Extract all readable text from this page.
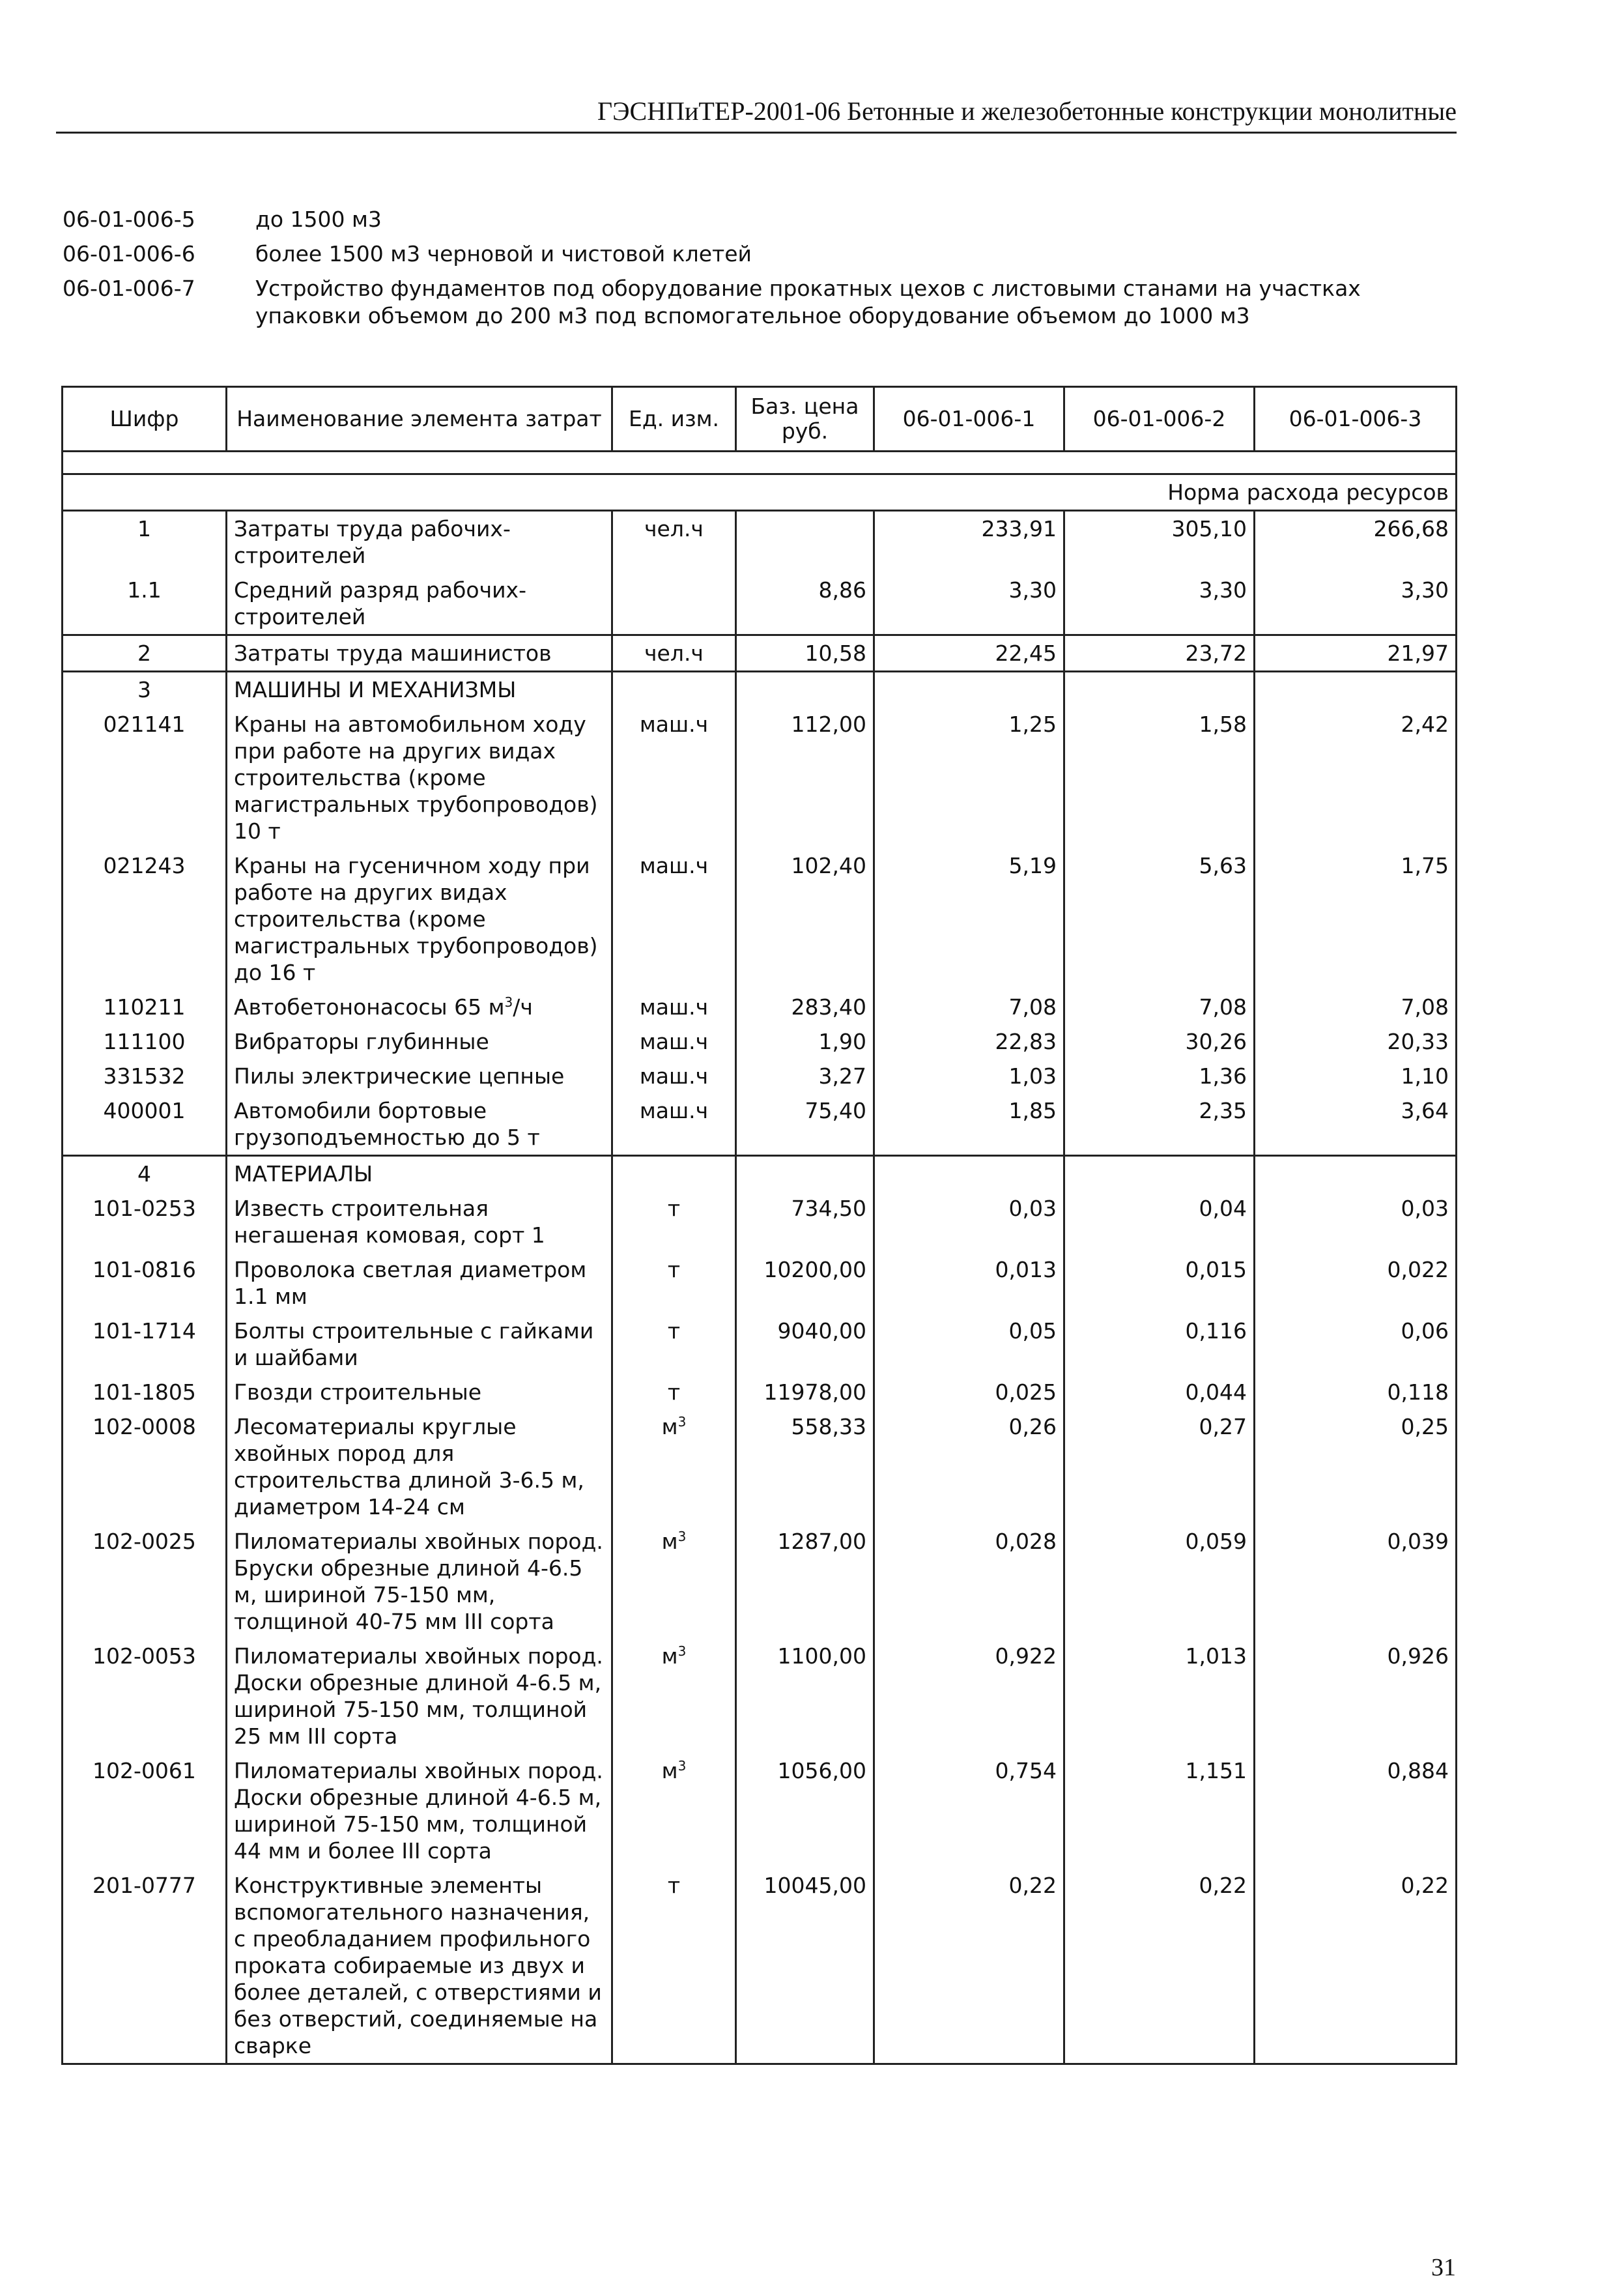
ГЭСНПиТЕР-2001-06 Бетонные и железобетонные конструкции монолитные
06-01-006-5	до 1500 м3
06-01-006-6	более 1500 м3 черновой и чистовой клетей
06-01-006-7	Устройство фундаментов под оборудование прокатных цехов с листовыми станами на участках упаковки объемом до 200 м3 под вспомогательное оборудование объемом до 1000 м3
Шифр	Наименование элемента затрат	Ед. изм.	Баз. цена руб.	06-01-006-1	06-01-006-2	06-01-006-3

Норма расхода ресурсов						
1	Затраты труда рабочих-строителей	чел.ч		233,91	305,10	266,68
1.1	Средний разряд рабочих-строителей		8,86	3,30	3,30	3,30
2	Затраты труда машинистов	чел.ч	10,58	22,45	23,72	21,97
3	МАШИНЫ И МЕХАНИЗМЫ					
021141	Краны на автомобильном ходу при работе на других видах строительства (кроме магистральных трубопроводов) 10 т	маш.ч	112,00	1,25	1,58	2,42
021243	Краны на гусеничном ходу при работе на других видах строительства (кроме магистральных трубопроводов) до 16 т	маш.ч	102,40	5,19	5,63	1,75
110211	Автобетононасосы 65 $м^3/ч$	маш.ч	283,40	7,08	7,08	7,08
111100	Вибраторы глубинные	маш.ч	1,90	22,83	30,26	20,33
331532	Пилы электрические цепные	маш.ч	3,27	1,03	1,36	1,10
400001	Автомобили бортовые грузоподъемностью до 5 т	маш.ч	75,40	1,85	2,35	3,64
4	МАТЕРИАЛЫ					
101-0253	Известь строительная негашеная комовая, сорт 1	т	734,50	0,03	0,04	0,03
101-0816	Проволока светлая диаметром 1.1 мм	т	10200,00	0,013	0,015	0,022
101-1714	Болты строительные с гайками и шайбами	т	9040,00	0,05	0,116	0,06
101-1805	Гвозди строительные	т	11978,00	0,025	0,044	0,118
102-0008	Лесоматериалы круглые хвойных пород для строительства длиной 3-6.5 м, диаметром 14-24 см	$м^3$	558,33	0,26	0,27	0,25
102-0025	Пиломатериалы хвойных пород. Бруски обрезные длиной 4-6.5 м, шириной 75-150 мм, толщиной 40-75 мм III сорта	$м^3$	1287,00	0,028	0,059	0,039
102-0053	Пиломатериалы хвойных пород. Доски обрезные длиной 4-6.5 м, шириной 75-150 мм, толщиной 25 мм III сорта	$м^3$	1100,00	0,922	1,013	0,926
102-0061	Пиломатериалы хвойных пород. Доски обрезные длиной 4-6.5 м, шириной 75-150 мм, толщиной 44 мм и более III сорта	$м^3$	1056,00	0,754	1,151	0,884
201-0777	Конструктивные элементы вспомогательного назначения, с преобладанием профильного проката собираемые из двух и более деталей, с отверстиями и без отверстий, соединяемые на сварке	т	10045,00	0,22	0,22	0,22
31
